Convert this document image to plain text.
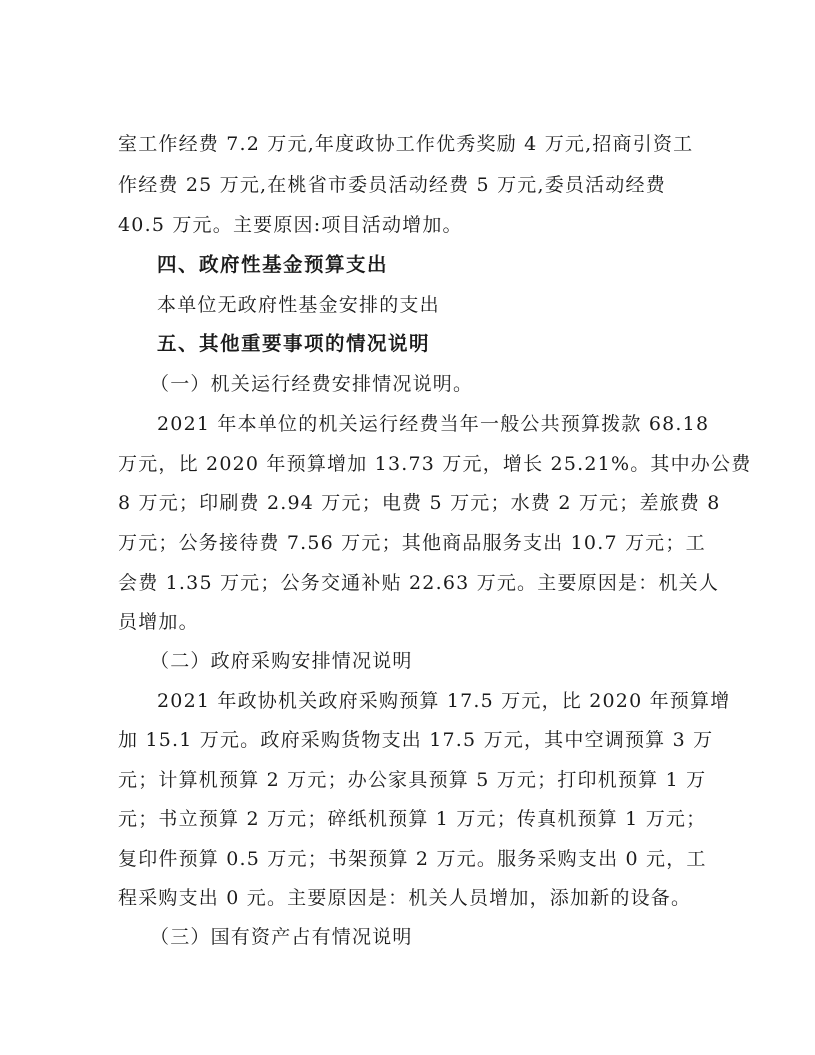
室工作经费 7.2 万元,年度政协工作优秀奖励 4 万元,招商引资工
作经费 25 万元,在桃省市委员活动经费 5 万元,委员活动经费
40.5 万元。主要原因:项目活动增加。
四、政府性基金预算支出
本单位无政府性基金安排的支出
五、其他重要事项的情况说明
（一）机关运行经费安排情况说明。
2021 年本单位的机关运行经费当年一般公共预算拨款 68.18
万元，比 2020 年预算增加 13.73 万元，增长 25.21%。其中办公费
8 万元；印刷费 2.94 万元；电费 5 万元；水费 2 万元；差旅费 8
万元；公务接待费 7.56 万元；其他商品服务支出 10.7 万元；工
会费 1.35 万元；公务交通补贴 22.63 万元。主要原因是：机关人
员增加。
（二）政府采购安排情况说明
2021 年政协机关政府采购预算 17.5 万元，比 2020 年预算增
加 15.1 万元。政府采购货物支出 17.5 万元，其中空调预算 3 万
元；计算机预算 2 万元；办公家具预算 5 万元；打印机预算 1 万
元；书立预算 2 万元；碎纸机预算 1 万元；传真机预算 1 万元；
复印件预算 0.5 万元；书架预算 2 万元。服务采购支出 0 元，工
程采购支出 0 元。主要原因是：机关人员增加，添加新的设备。
（三）国有资产占有情况说明
